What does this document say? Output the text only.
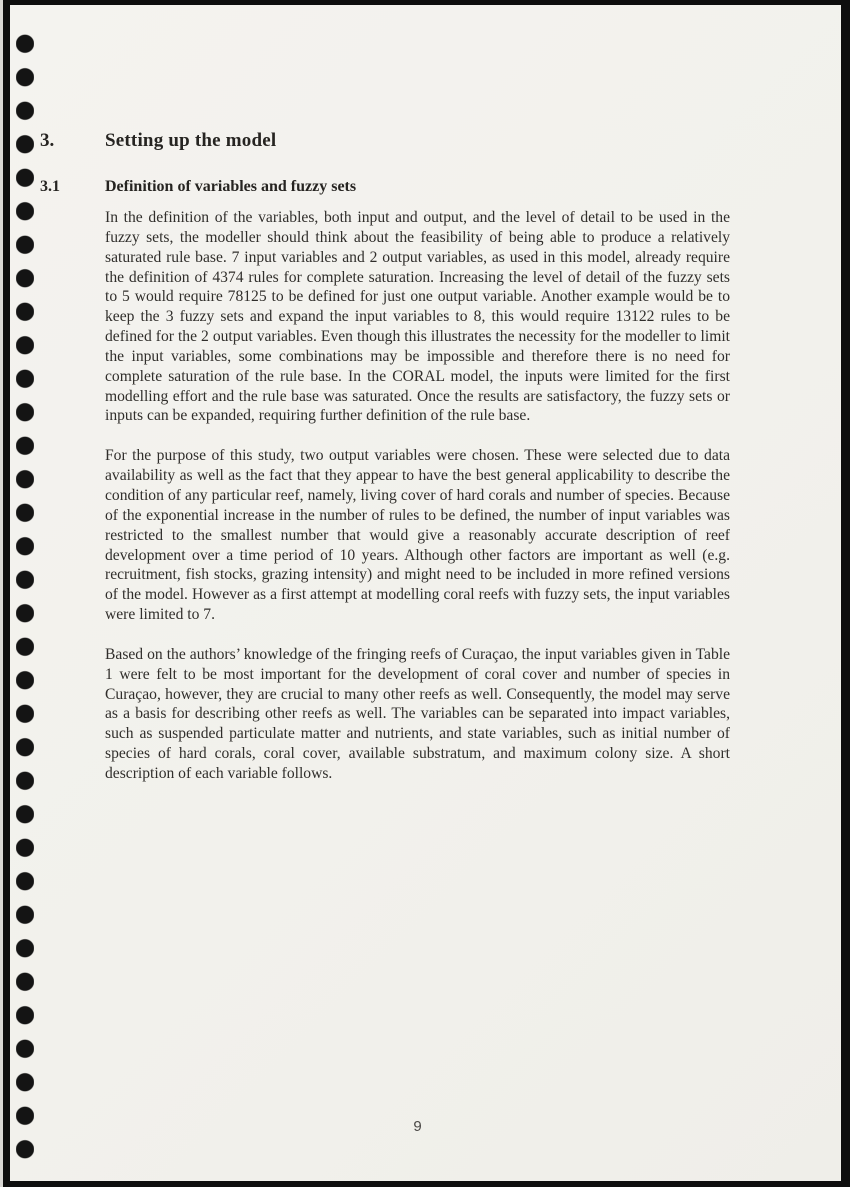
3.	Setting up the model
3.1	Definition of variables and fuzzy sets

In the definition of the variables, both input and output, and the level of detail to be used in the fuzzy sets, the modeller should think about the feasibility of being able to produce a relatively saturated rule base. 7 input variables and 2 output variables, as used in this model, already require the definition of 4374 rules for complete saturation. Increasing the level of detail of the fuzzy sets to 5 would require 78125 to be defined for just one output variable. Another example would be to keep the 3 fuzzy sets and expand the input variables to 8, this would require 13122 rules to be defined for the 2 output variables. Even though this illustrates the necessity for the modeller to limit the input variables, some combinations may be impossible and therefore there is no need for complete saturation of the rule base. In the CORAL model, the inputs were limited for the first modelling effort and the rule base was saturated. Once the results are satisfactory, the fuzzy sets or inputs can be expanded, requiring further definition of the rule base.

For the purpose of this study, two output variables were chosen. These were selected due to data availability as well as the fact that they appear to have the best general applicability to describe the condition of any particular reef, namely, living cover of hard corals and number of species. Because of the exponential increase in the number of rules to be defined, the number of input variables was restricted to the smallest number that would give a reasonably accurate description of reef development over a time period of 10 years. Although other factors are important as well (e.g. recruitment, fish stocks, grazing intensity) and might need to be included in more refined versions of the model. However as a first attempt at modelling coral reefs with fuzzy sets, the input variables were limited to 7.

Based on the authors’ knowledge of the fringing reefs of Curaçao, the input variables given in Table 1 were felt to be most important for the development of coral cover and number of species in Curaçao, however, they are crucial to many other reefs as well. Consequently, the model may serve as a basis for describing other reefs as well. The variables can be separated into impact variables, such as suspended particulate matter and nutrients, and state variables, such as initial number of species of hard corals, coral cover, available substratum, and maximum colony size. A short description of each variable follows.

9
